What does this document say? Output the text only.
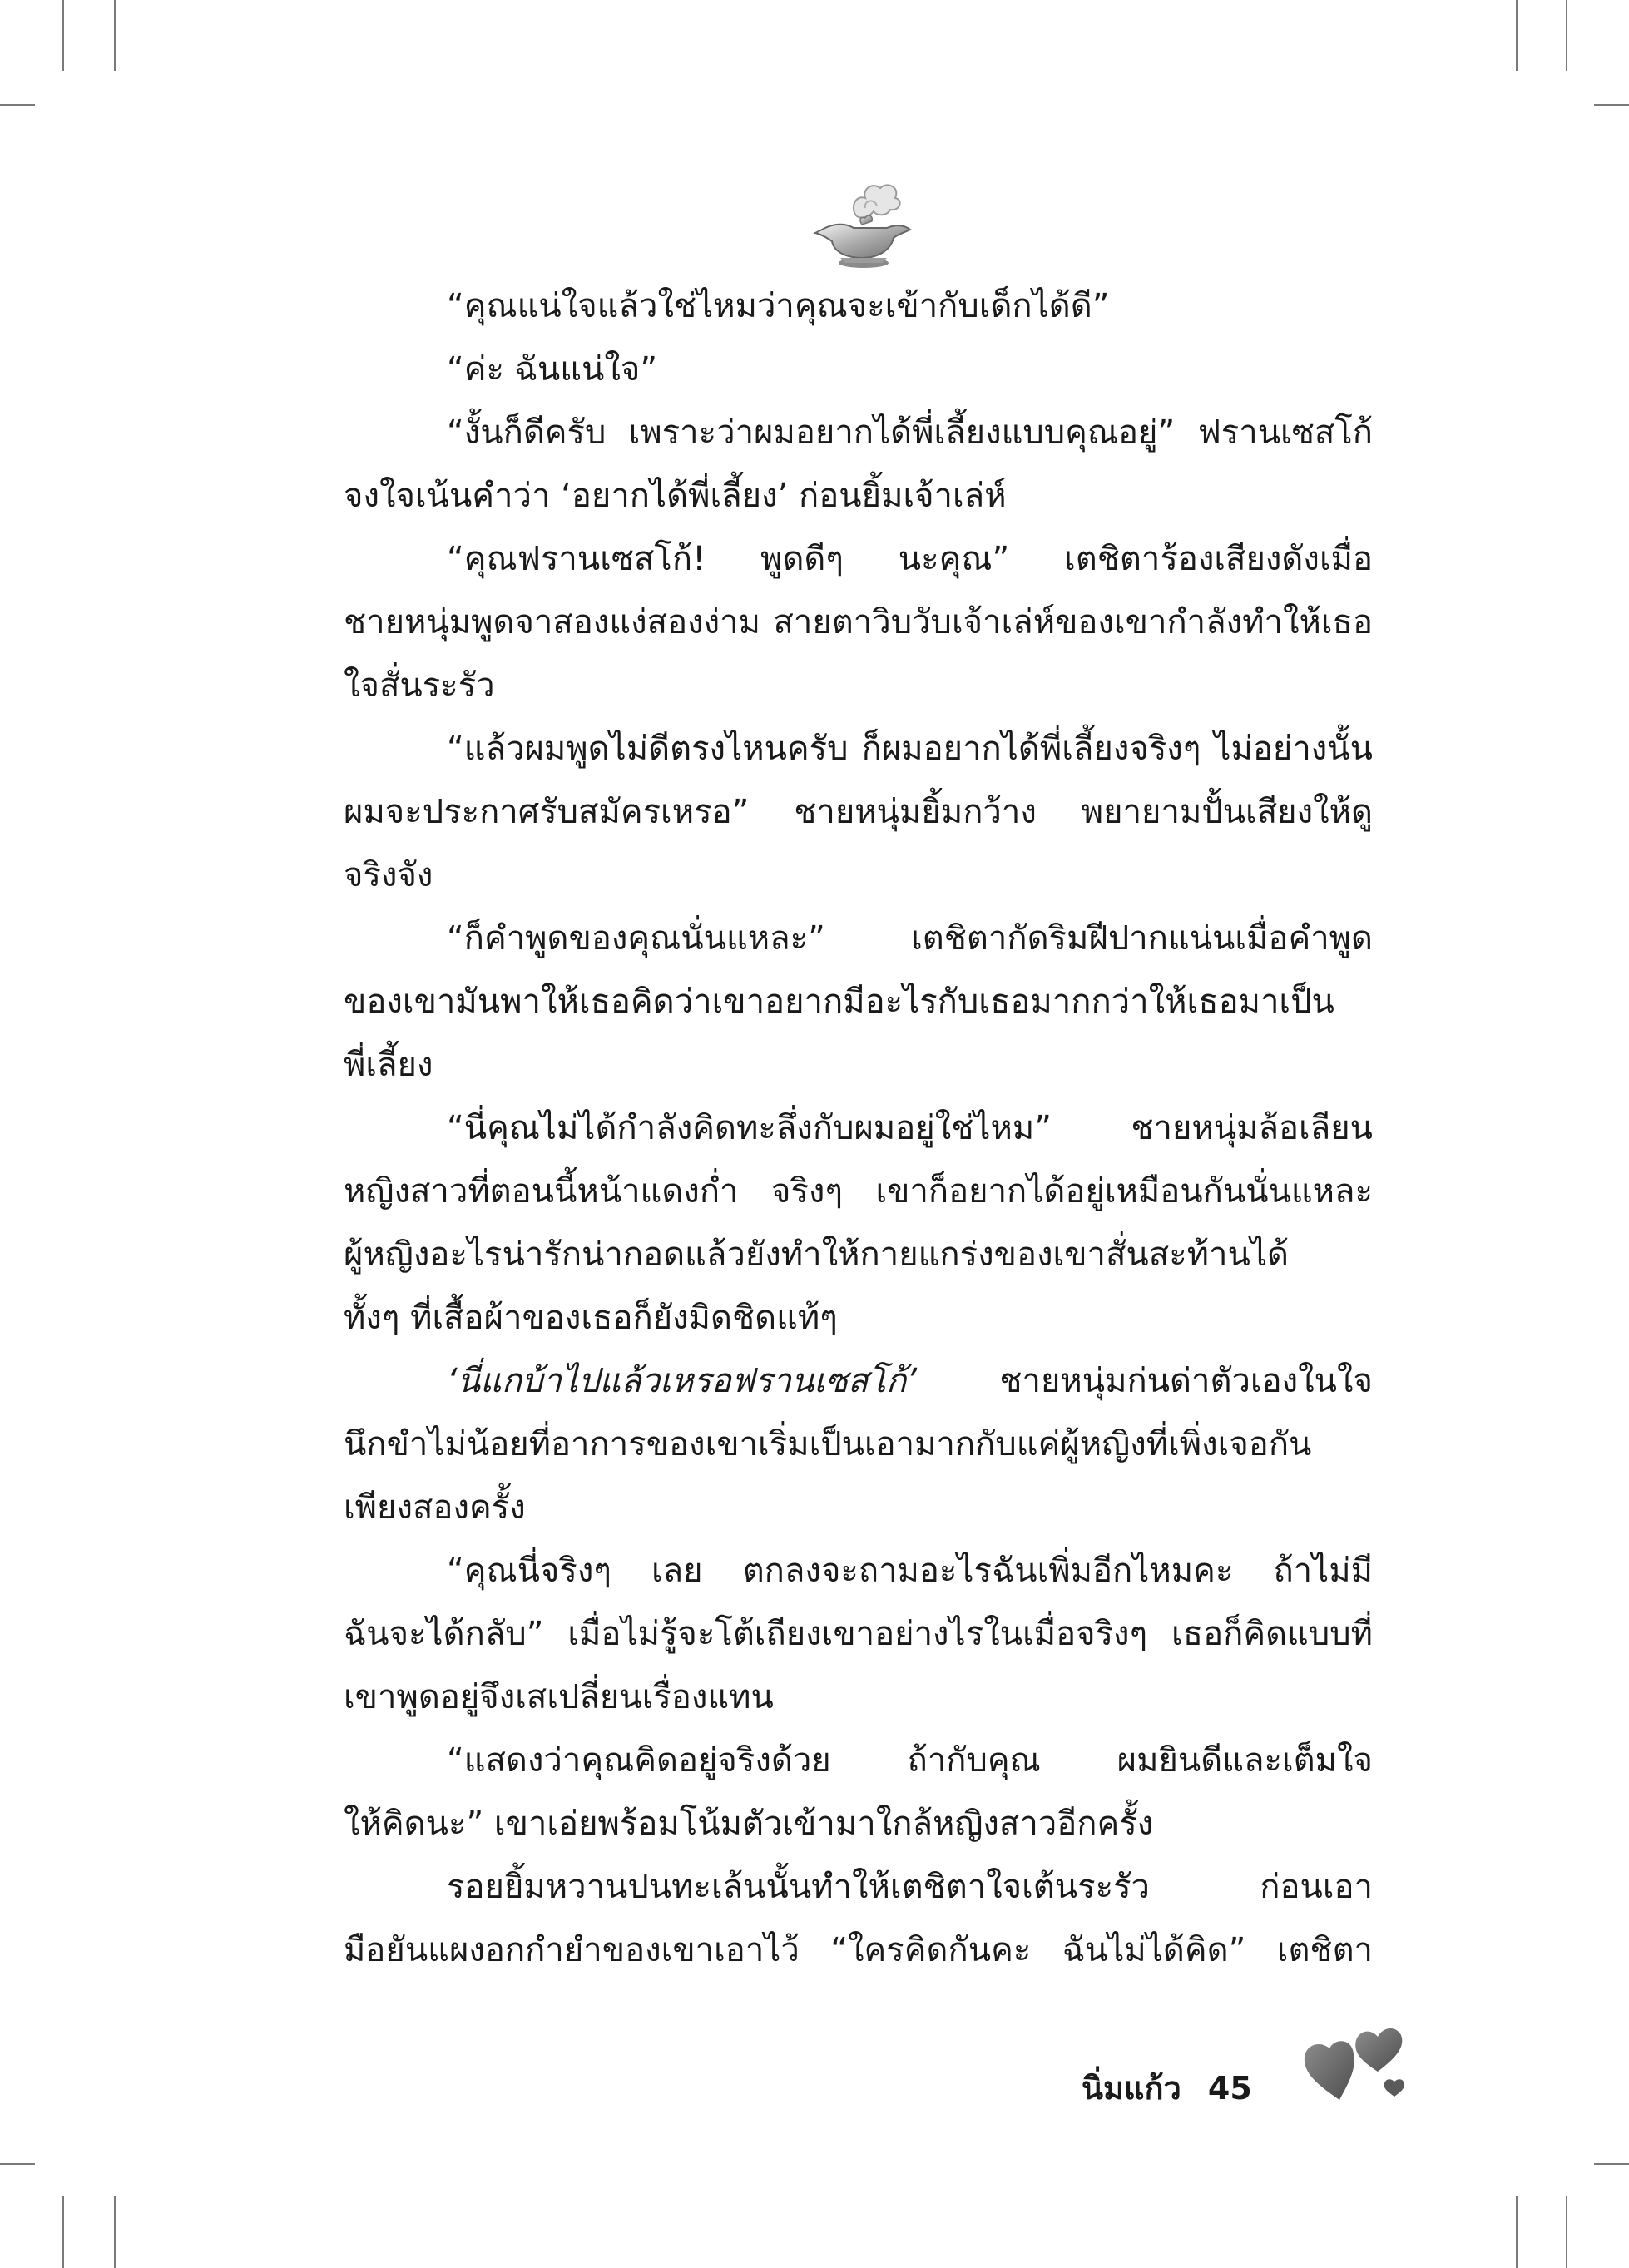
“คุณแน่ใจแล้วใช่ไหมว่าคุณจะเข้ากับเด็กได้ดี”
“ค่ะ ฉันแน่ใจ”
“งั้นก็ดีครับ เพราะว่าผมอยากได้พี่เลี้ยงแบบคุณอยู่” ฟรานเซสโก้
จงใจเน้นคำว่า ‘อยากได้พี่เลี้ยง’ ก่อนยิ้มเจ้าเล่ห์
“คุณฟรานเซสโก้! พูดดีๆ นะคุณ” เตชิตาร้องเสียงดังเมื่อ
ชายหนุ่มพูดจาสองแง่สองง่าม สายตาวิบวับเจ้าเล่ห์ของเขากำลังทำให้เธอ
ใจสั่นระรัว
“แล้วผมพูดไม่ดีตรงไหนครับ ก็ผมอยากได้พี่เลี้ยงจริงๆ ไม่อย่างนั้น
ผมจะประกาศรับสมัครเหรอ” ชายหนุ่มยิ้มกว้าง พยายามปั้นเสียงให้ดู
จริงจัง
“ก็คำพูดของคุณนั่นแหละ” เตชิตากัดริมฝีปากแน่นเมื่อคำพูด
ของเขามันพาให้เธอคิดว่าเขาอยากมีอะไรกับเธอมากกว่าให้เธอมาเป็น
พี่เลี้ยง
“นี่คุณไม่ได้กำลังคิดทะลึ่งกับผมอยู่ใช่ไหม” ชายหนุ่มล้อเลียน
หญิงสาวที่ตอนนี้หน้าแดงก่ำ จริงๆ เขาก็อยากได้อยู่เหมือนกันนั่นแหละ
ผู้หญิงอะไรน่ารักน่ากอดแล้วยังทำให้กายแกร่งของเขาสั่นสะท้านได้
ทั้งๆ ที่เสื้อผ้าของเธอก็ยังมิดชิดแท้ๆ
‘นี่แกบ้าไปแล้วเหรอฟรานเซสโก้’ ชายหนุ่มก่นด่าตัวเองในใจ
นึกขำไม่น้อยที่อาการของเขาเริ่มเป็นเอามากกับแค่ผู้หญิงที่เพิ่งเจอกัน
เพียงสองครั้ง
“คุณนี่จริงๆ เลย ตกลงจะถามอะไรฉันเพิ่มอีกไหมคะ ถ้าไม่มี
ฉันจะได้กลับ” เมื่อไม่รู้จะโต้เถียงเขาอย่างไรในเมื่อจริงๆ เธอก็คิดแบบที่
เขาพูดอยู่จึงเสเปลี่ยนเรื่องแทน
“แสดงว่าคุณคิดอยู่จริงด้วย ถ้ากับคุณ ผมยินดีและเต็มใจ
ให้คิดนะ” เขาเอ่ยพร้อมโน้มตัวเข้ามาใกล้หญิงสาวอีกครั้ง
รอยยิ้มหวานปนทะเล้นนั้นทำให้เตชิตาใจเต้นระรัว ก่อนเอา
มือยันแผงอกกำยำของเขาเอาไว้ “ใครคิดกันคะ ฉันไม่ได้คิด” เตชิตา
นิ่มแก้ว 45
